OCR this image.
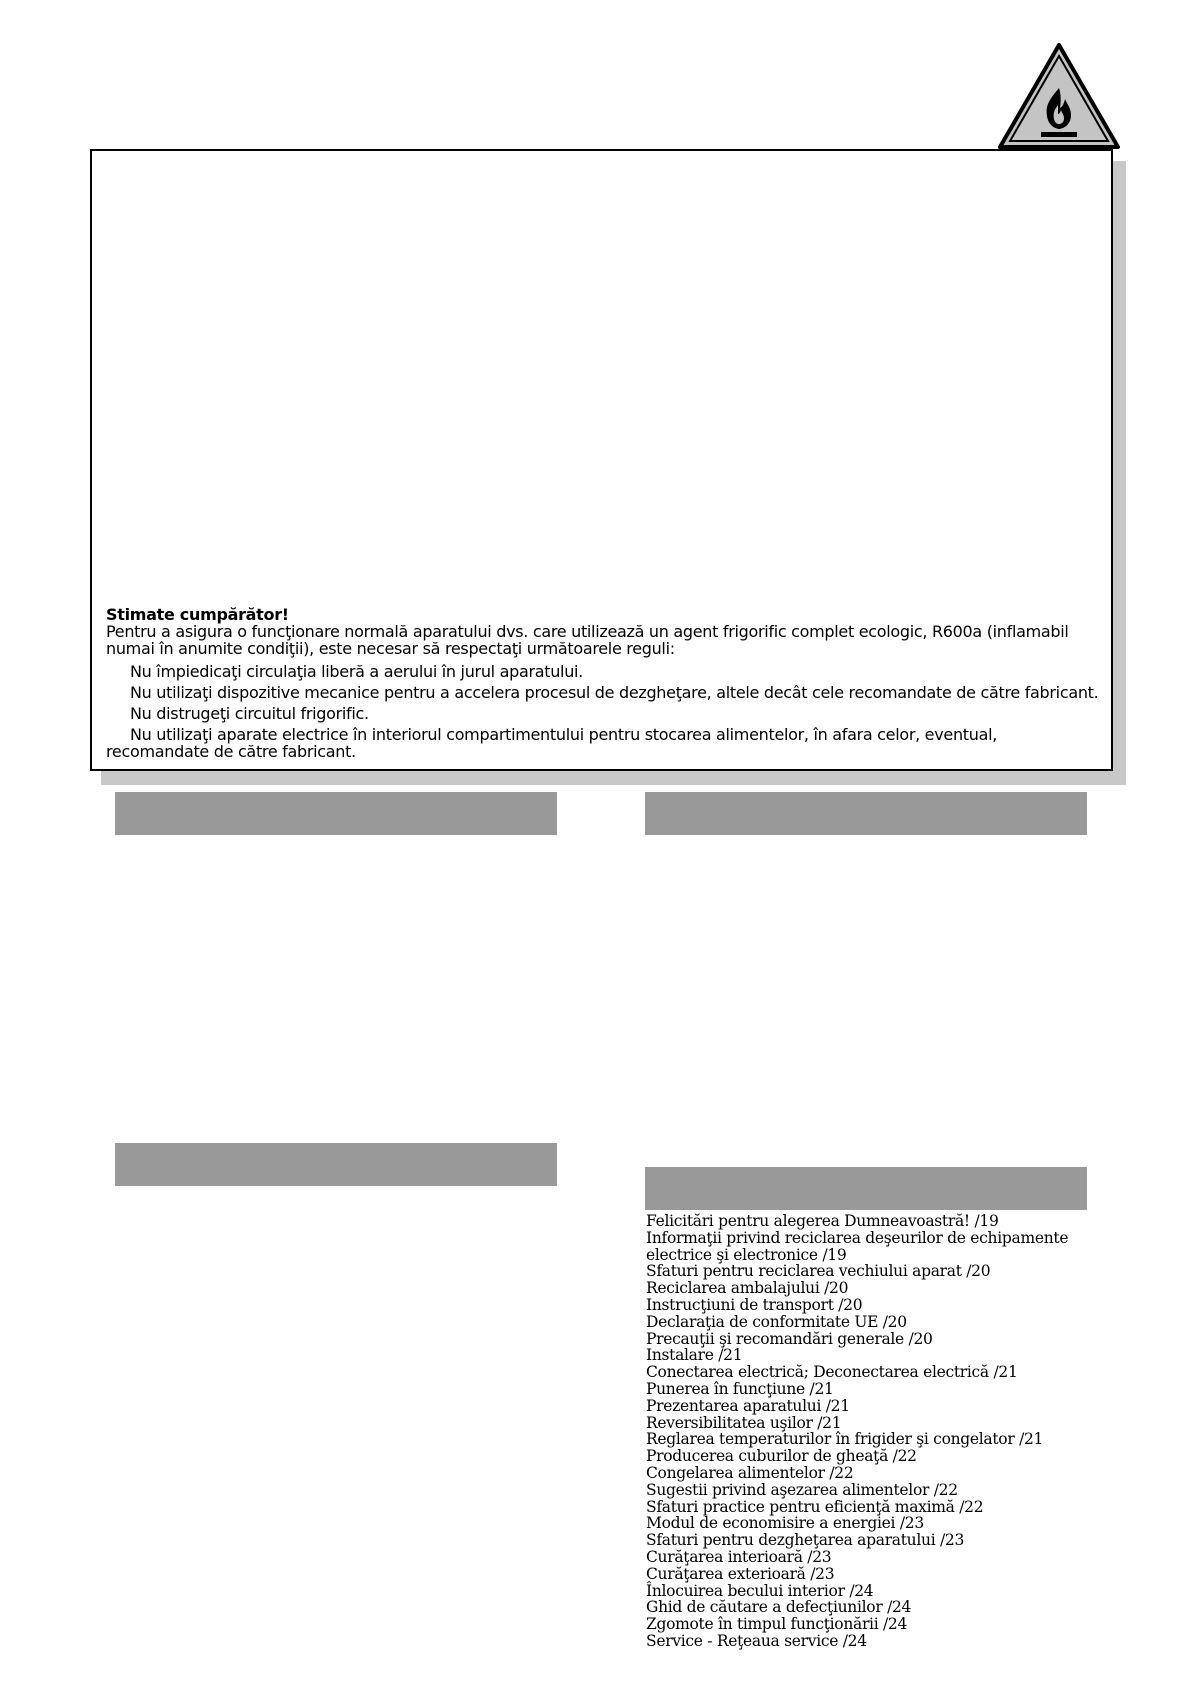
Stimate cumpărător!

Pentru a asigura o funcţionare normală aparatului dvs. care utilizează un agent frigorific complet ecologic, R600a (inflamabil numai în anumite condiţii), este necesar să respectaţi următoarele reguli:

Nu împiedicaţi circulaţia liberă a aerului în jurul aparatului.
Nu utilizaţi dispozitive mecanice pentru a accelera procesul de dezgheţare, altele decât cele recomandate de către fabricant.
Nu distrugeţi circuitul frigorific.
Nu utilizaţi aparate electrice în interiorul compartimentului pentru stocarea alimentelor, în afara celor, eventual, recomandate de către fabricant.
Felicitări pentru alegerea Dumneavoastră! /19
Informaţii privind reciclarea deşeurilor de echipamente electrice şi electronice /19
Sfaturi pentru reciclarea vechiului aparat /20
Reciclarea ambalajului /20
Instrucţiuni de transport /20
Declaraţia de conformitate UE /20
Precauţii şi recomandări generale /20
Instalare /21
Conectarea electrică; Deconectarea electrică /21
Punerea în funcţiune /21
Prezentarea aparatului /21
Reversibilitatea uşilor /21
Reglarea temperaturilor în frigider şi congelator /21
Producerea cuburilor de gheaţă /22
Congelarea alimentelor /22
Sugestii privind aşezarea alimentelor /22
Sfaturi practice pentru eficienţă maximă /22
Modul de economisire a energiei /23
Sfaturi pentru dezgheţarea aparatului /23
Curăţarea interioară /23
Curăţarea exterioară /23
Înlocuirea becului interior /24
Ghid de căutare a defecţiunilor /24
Zgomote în timpul funcţionării /24
Service - Reţeaua service /24
